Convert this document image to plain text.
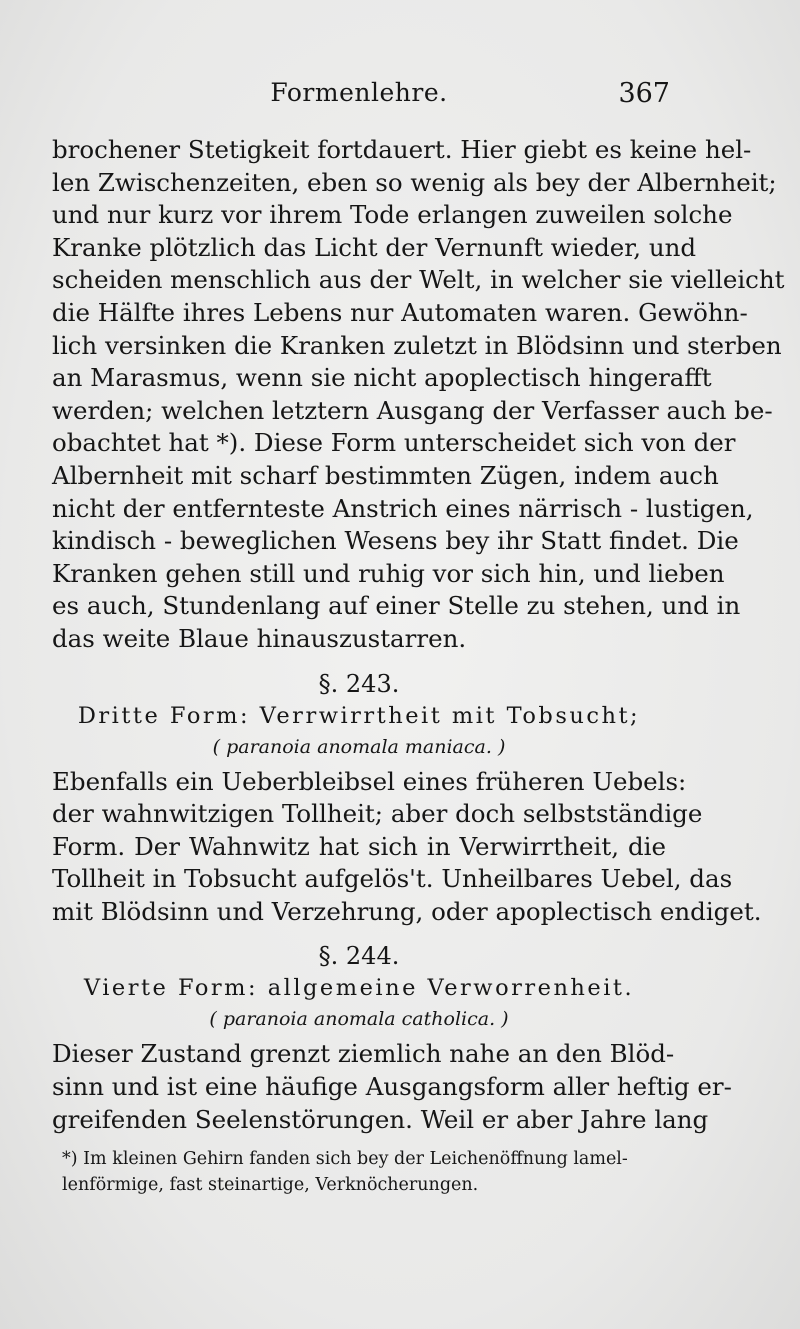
Formenlehre.	367
brochener Stetigkeit fortdauert. Hier giebt es keine hel-
len Zwischenzeiten, eben so wenig als bey der Albernheit;
und nur kurz vor ihrem Tode erlangen zuweilen solche
Kranke plötzlich das Licht der Vernunft wieder, und
scheiden menschlich aus der Welt, in welcher sie vielleicht
die Hälfte ihres Lebens nur Automaten waren. Gewöhn-
lich versinken die Kranken zuletzt in Blödsinn und sterben
an Marasmus, wenn sie nicht apoplectisch hingerafft
werden; welchen letztern Ausgang der Verfasser auch be-
obachtet hat *). Diese Form unterscheidet sich von der
Albernheit mit scharf bestimmten Zügen, indem auch
nicht der entfernteste Anstrich eines närrisch - lustigen,
kindisch - beweglichen Wesens bey ihr Statt findet. Die
Kranken gehen still und ruhig vor sich hin, und lieben
es auch, Stundenlang auf einer Stelle zu stehen, und in
das weite Blaue hinauszustarren.
§. 243.
Dritte Form: Verrwirrtheit mit Tobsucht;
( paranoia anomala maniaca. )
Ebenfalls ein Ueberbleibsel eines früheren Uebels:
der wahnwitzigen Tollheit; aber doch selbstständige
Form. Der Wahnwitz hat sich in Verwirrtheit, die
Tollheit in Tobsucht aufgelös't. Unheilbares Uebel, das
mit Blödsinn und Verzehrung, oder apoplectisch endiget.
§. 244.
Vierte Form: allgemeine Verworrenheit.
( paranoia anomala catholica. )
Dieser Zustand grenzt ziemlich nahe an den Blöd-
sinn und ist eine häufige Ausgangsform aller heftig er-
greifenden Seelenstörungen. Weil er aber Jahre lang
*) Im kleinen Gehirn fanden sich bey der Leichenöffnung lamel-
lenförmige, fast steinartige, Verknöcherungen.
